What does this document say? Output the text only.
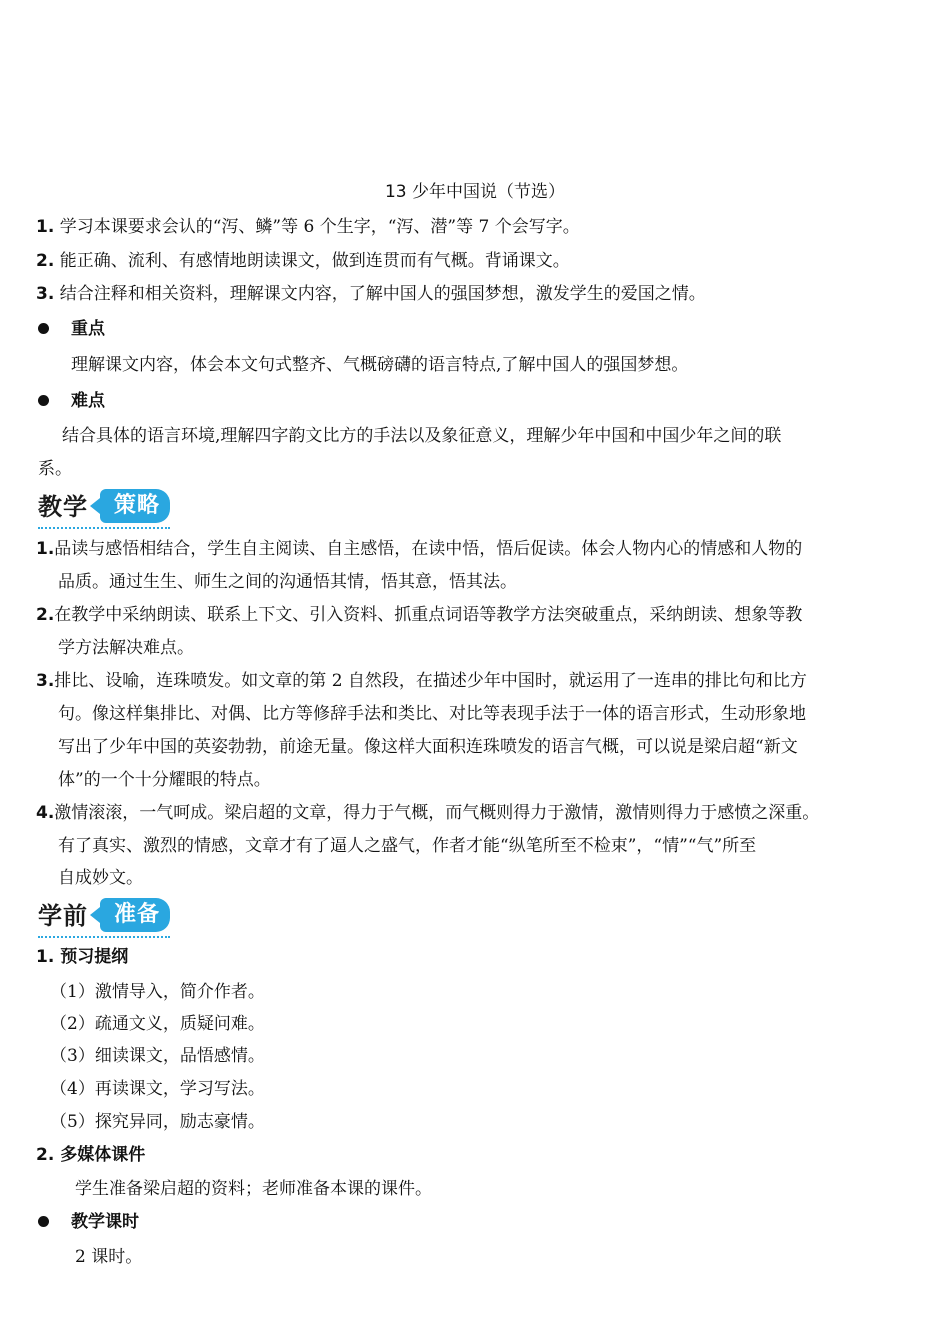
13 少年中国说（节选）
1. 学习本课要求会认的“泻、鳞”等 6 个生字，“泻、潜”等 7 个会写字。
2. 能正确、流利、有感情地朗读课文，做到连贯而有气概。背诵课文。
3. 结合注释和相关资料，理解课文内容，了解中国人的强国梦想，激发学生的爱国之情。
重点
理解课文内容，体会本文句式整齐、气概磅礴的语言特点,了解中国人的强国梦想。
难点
结合具体的语言环境,理解四字韵文比方的手法以及象征意义，理解少年中国和中国少年之间的联
系。
教学	策略
1.品读与感悟相结合，学生自主阅读、自主感悟，在读中悟，悟后促读。体会人物内心的情感和人物的
品质。通过生生、师生之间的沟通悟其情，悟其意，悟其法。
2.在教学中采纳朗读、联系上下文、引入资料、抓重点词语等教学方法突破重点，采纳朗读、想象等教
学方法解决难点。
3.排比、设喻，连珠喷发。如文章的第 2 自然段，在描述少年中国时，就运用了一连串的排比句和比方
句。像这样集排比、对偶、比方等修辞手法和类比、对比等表现手法于一体的语言形式，生动形象地
写出了少年中国的英姿勃勃，前途无量。像这样大面积连珠喷发的语言气概，可以说是梁启超“新文
体”的一个十分耀眼的特点。
4.激情滚滚，一气呵成。梁启超的文章，得力于气概，而气概则得力于激情，激情则得力于感愤之深重。
有了真实、激烈的情感，文章才有了逼人之盛气，作者才能“纵笔所至不检束”，“情”“气”所至
自成妙文。
学前	准备
1. 预习提纲
（1）激情导入，简介作者。
（2）疏通文义，质疑问难。
（3）细读课文，品悟感情。
（4）再读课文，学习写法。
（5）探究异同，励志豪情。
2. 多媒体课件
学生准备梁启超的资料；老师准备本课的课件。
教学课时
2 课时。
